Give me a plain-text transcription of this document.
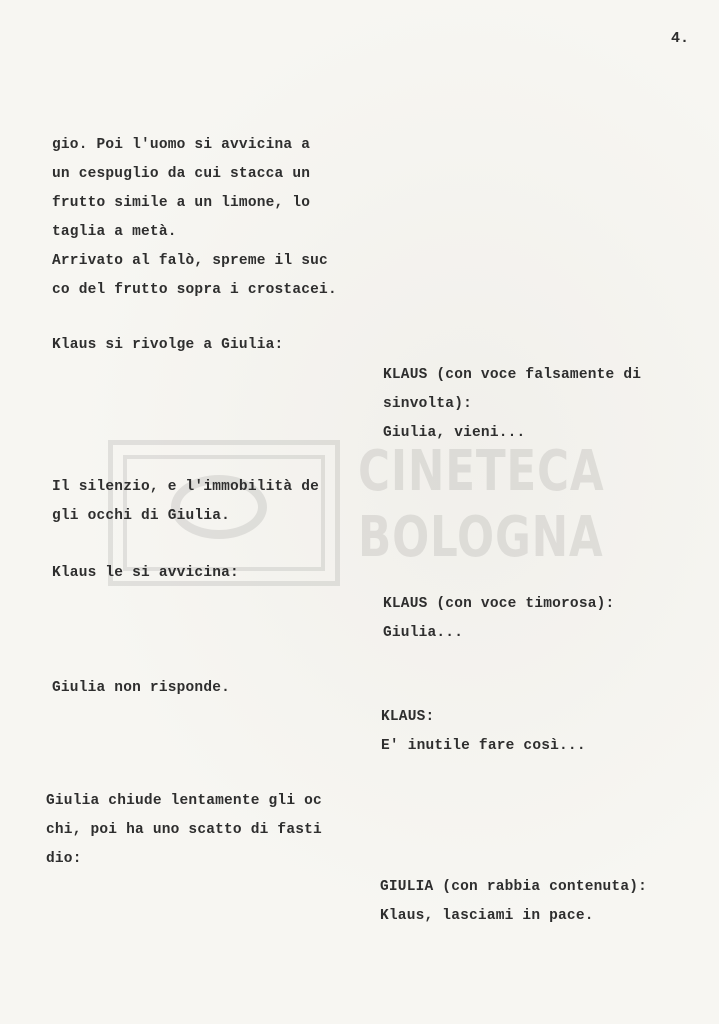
4.
CINETECA
BOLOGNA
gio. Poi l'uomo si avvicina a
un cespuglio da cui stacca un
frutto simile a un limone, lo
taglia a metà.
Arrivato al falò, spreme il suc
co del frutto sopra i crostacei.
Klaus si rivolge a Giulia:
Il silenzio, e l'immobilità de
gli occhi di Giulia.
Klaus le si avvicina:
Giulia non risponde.
Giulia chiude lentamente gli oc
chi, poi ha uno scatto di fasti
dio:
KLAUS (con voce falsamente di
sinvolta):
Giulia, vieni...
KLAUS (con voce timorosa):
Giulia...
KLAUS:
E' inutile fare così...
GIULIA (con rabbia contenuta):
Klaus, lasciami in pace.
